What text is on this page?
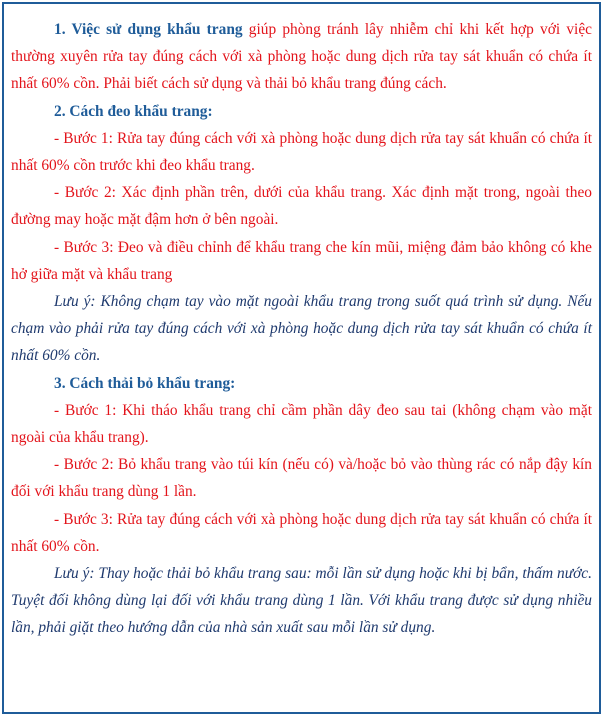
1. Việc sử dụng khẩu trang giúp phòng tránh lây nhiễm chỉ khi kết hợp với việc thường xuyên rửa tay đúng cách với xà phòng hoặc dung dịch rửa tay sát khuẩn có chứa ít nhất 60% cồn. Phải biết cách sử dụng và thải bỏ khẩu trang đúng cách.

2. Cách đeo khẩu trang:

- Bước 1: Rửa tay đúng cách với xà phòng hoặc dung dịch rửa tay sát khuẩn có chứa ít nhất 60% cồn trước khi đeo khẩu trang.

- Bước 2: Xác định phần trên, dưới của khẩu trang. Xác định mặt trong, ngoài theo đường may hoặc mặt đậm hơn ở bên ngoài.

- Bước 3: Đeo và điều chỉnh để khẩu trang che kín mũi, miệng đảm bảo không có khe hở giữa mặt và khẩu trang

Lưu ý: Không chạm tay vào mặt ngoài khẩu trang trong suốt quá trình sử dụng. Nếu chạm vào phải rửa tay đúng cách với xà phòng hoặc dung dịch rửa tay sát khuẩn có chứa ít nhất 60% cồn.

3. Cách thải bỏ khẩu trang:

- Bước 1: Khi tháo khẩu trang chỉ cầm phần dây đeo sau tai (không chạm vào mặt ngoài của khẩu trang).

- Bước 2: Bỏ khẩu trang vào túi kín (nếu có) và/hoặc bỏ vào thùng rác có nắp đậy kín đối với khẩu trang dùng 1 lần.

- Bước 3: Rửa tay đúng cách với xà phòng hoặc dung dịch rửa tay sát khuẩn có chứa ít nhất 60% cồn.

Lưu ý: Thay hoặc thải bỏ khẩu trang sau: mỗi lần sử dụng hoặc khi bị bẩn, thấm nước. Tuyệt đối không dùng lại đối với khẩu trang dùng 1 lần. Với khẩu trang được sử dụng nhiều lần, phải giặt theo hướng dẫn của nhà sản xuất sau mỗi lần sử dụng.
